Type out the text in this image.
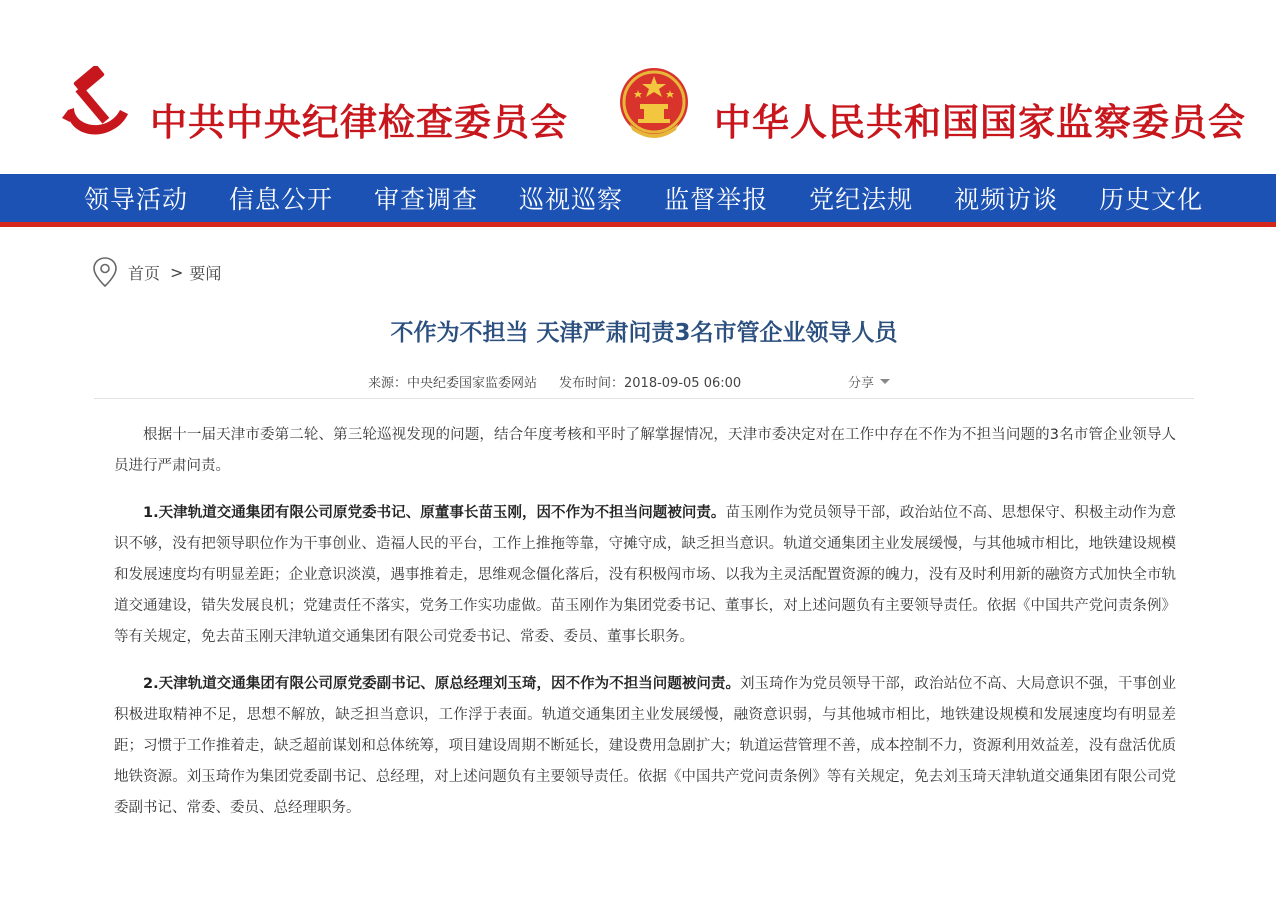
中共中央纪律检查委员会	中华人民共和国国家监察委员会
领导活动 信息公开 审查调查 巡视巡察 监督举报 党纪法规 视频访谈 历史文化
首页 > 要闻
不作为不担当 天津严肃问责3名市管企业领导人员
来源：中央纪委国家监委网站 发布时间：2018-09-05 06:00	分享

根据十一届天津市委第二轮、第三轮巡视发现的问题，结合年度考核和平时了解掌握情况，天津市委决定对在工作中存在不作为不担当问题的3名市管企业领导人员进行严肃问责。

1.天津轨道交通集团有限公司原党委书记、原董事长苗玉刚，因不作为不担当问题被问责。苗玉刚作为党员领导干部，政治站位不高、思想保守、积极主动作为意识不够，没有把领导职位作为干事创业、造福人民的平台，工作上推拖等靠，守摊守成，缺乏担当意识。轨道交通集团主业发展缓慢，与其他城市相比，地铁建设规模和发展速度均有明显差距；企业意识淡漠，遇事推着走，思维观念僵化落后，没有积极闯市场、以我为主灵活配置资源的魄力，没有及时利用新的融资方式加快全市轨道交通建设，错失发展良机；党建责任不落实，党务工作实功虚做。苗玉刚作为集团党委书记、董事长，对上述问题负有主要领导责任。依据《中国共产党问责条例》等有关规定，免去苗玉刚天津轨道交通集团有限公司党委书记、常委、委员、董事长职务。

2.天津轨道交通集团有限公司原党委副书记、原总经理刘玉琦，因不作为不担当问题被问责。刘玉琦作为党员领导干部，政治站位不高、大局意识不强，干事创业积极进取精神不足，思想不解放，缺乏担当意识，工作浮于表面。轨道交通集团主业发展缓慢，融资意识弱，与其他城市相比，地铁建设规模和发展速度均有明显差距；习惯于工作推着走，缺乏超前谋划和总体统筹，项目建设周期不断延长，建设费用急剧扩大；轨道运营管理不善，成本控制不力，资源利用效益差，没有盘活优质地铁资源。刘玉琦作为集团党委副书记、总经理，对上述问题负有主要领导责任。依据《中国共产党问责条例》等有关规定，免去刘玉琦天津轨道交通集团有限公司党委副书记、常委、委员、总经理职务。
